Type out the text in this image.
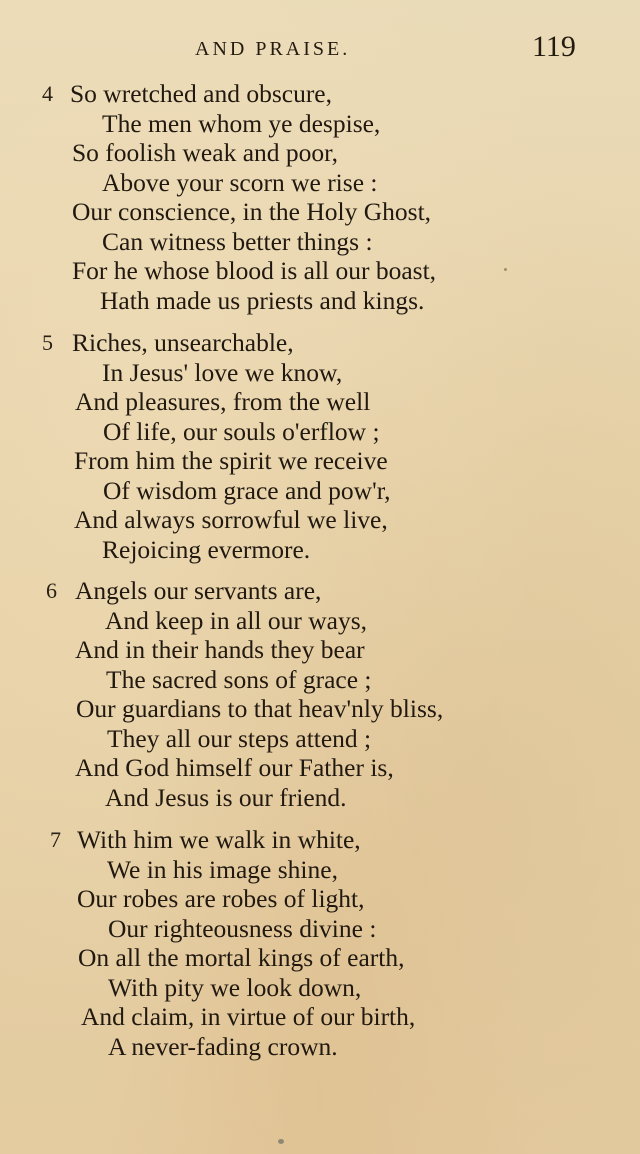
AND PRAISE.	119
4 So wretched and obscure,
The men whom ye despise,
So foolish weak and poor,
Above your scorn we rise :
Our conscience, in the Holy Ghost,
Can witness better things :
For he whose blood is all our boast,
Hath made us priests and kings.
5 Riches, unsearchable,
In Jesus' love we know,
And pleasures, from the well
Of life, our souls o'erflow ;
From him the spirit we receive
Of wisdom grace and pow'r,
And always sorrowful we live,
Rejoicing evermore.
6 Angels our servants are,
And keep in all our ways,
And in their hands they bear
The sacred sons of grace ;
Our guardians to that heav'nly bliss,
They all our steps attend ;
And God himself our Father is,
And Jesus is our friend.
7 With him we walk in white,
We in his image shine,
Our robes are robes of light,
Our righteousness divine :
On all the mortal kings of earth,
With pity we look down,
And claim, in virtue of our birth,
A never-fading crown.
